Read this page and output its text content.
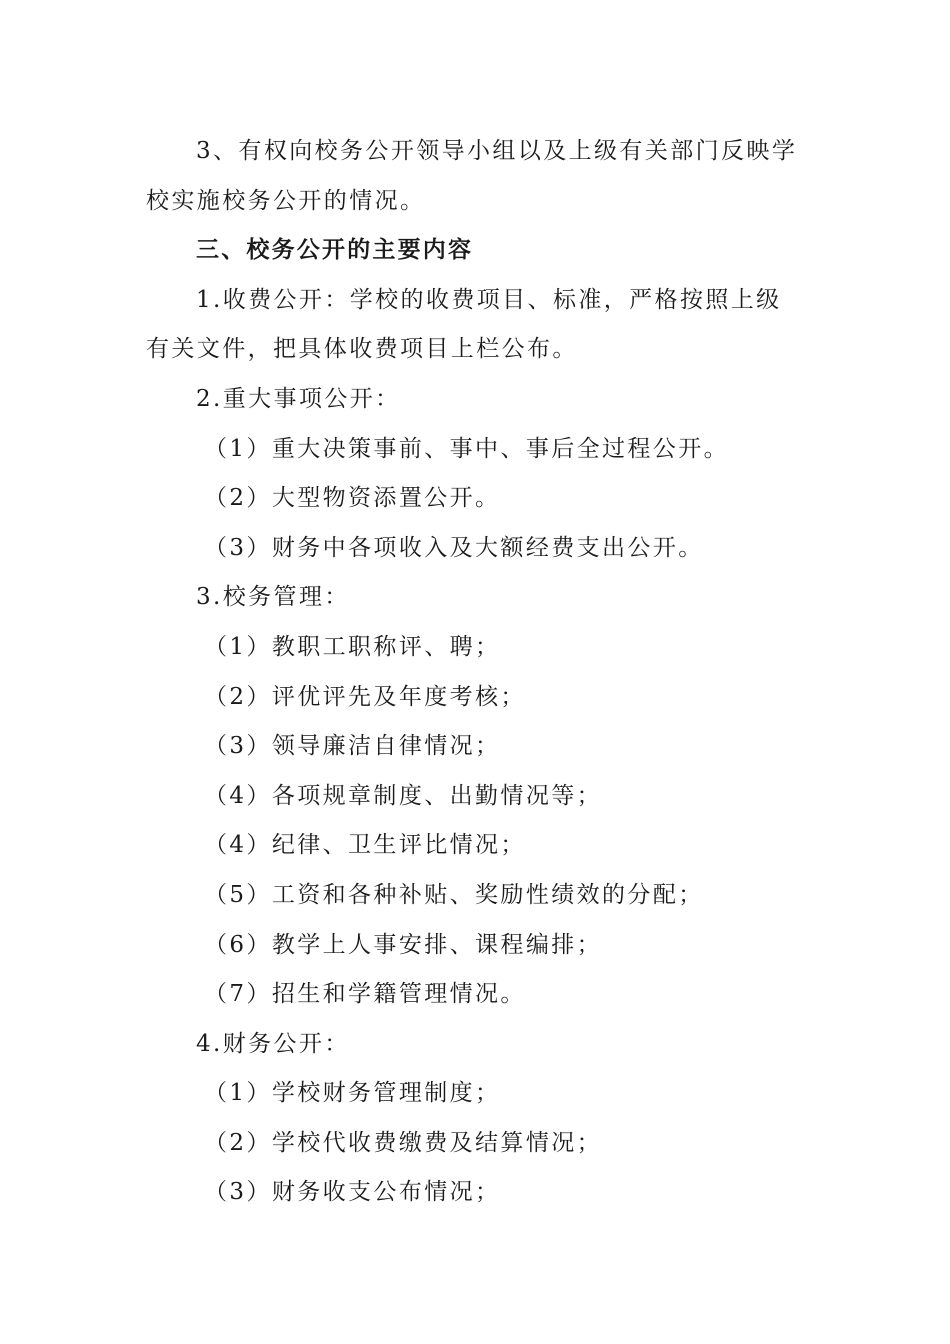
3、有权向校务公开领导小组以及上级有关部门反映学
校实施校务公开的情况。
三、校务公开的主要内容
1.收费公开：学校的收费项目、标准，严格按照上级
有关文件，把具体收费项目上栏公布。
2.重大事项公开：
（1）重大决策事前、事中、事后全过程公开。
（2）大型物资添置公开。
（3）财务中各项收入及大额经费支出公开。
3.校务管理：
（1）教职工职称评、聘；
（2）评优评先及年度考核；
（3）领导廉洁自律情况；
（4）各项规章制度、出勤情况等；
（4）纪律、卫生评比情况；
（5）工资和各种补贴、奖励性绩效的分配；
（6）教学上人事安排、课程编排；
（7）招生和学籍管理情况。
4.财务公开：
（1）学校财务管理制度；
（2）学校代收费缴费及结算情况；
（3）财务收支公布情况；
